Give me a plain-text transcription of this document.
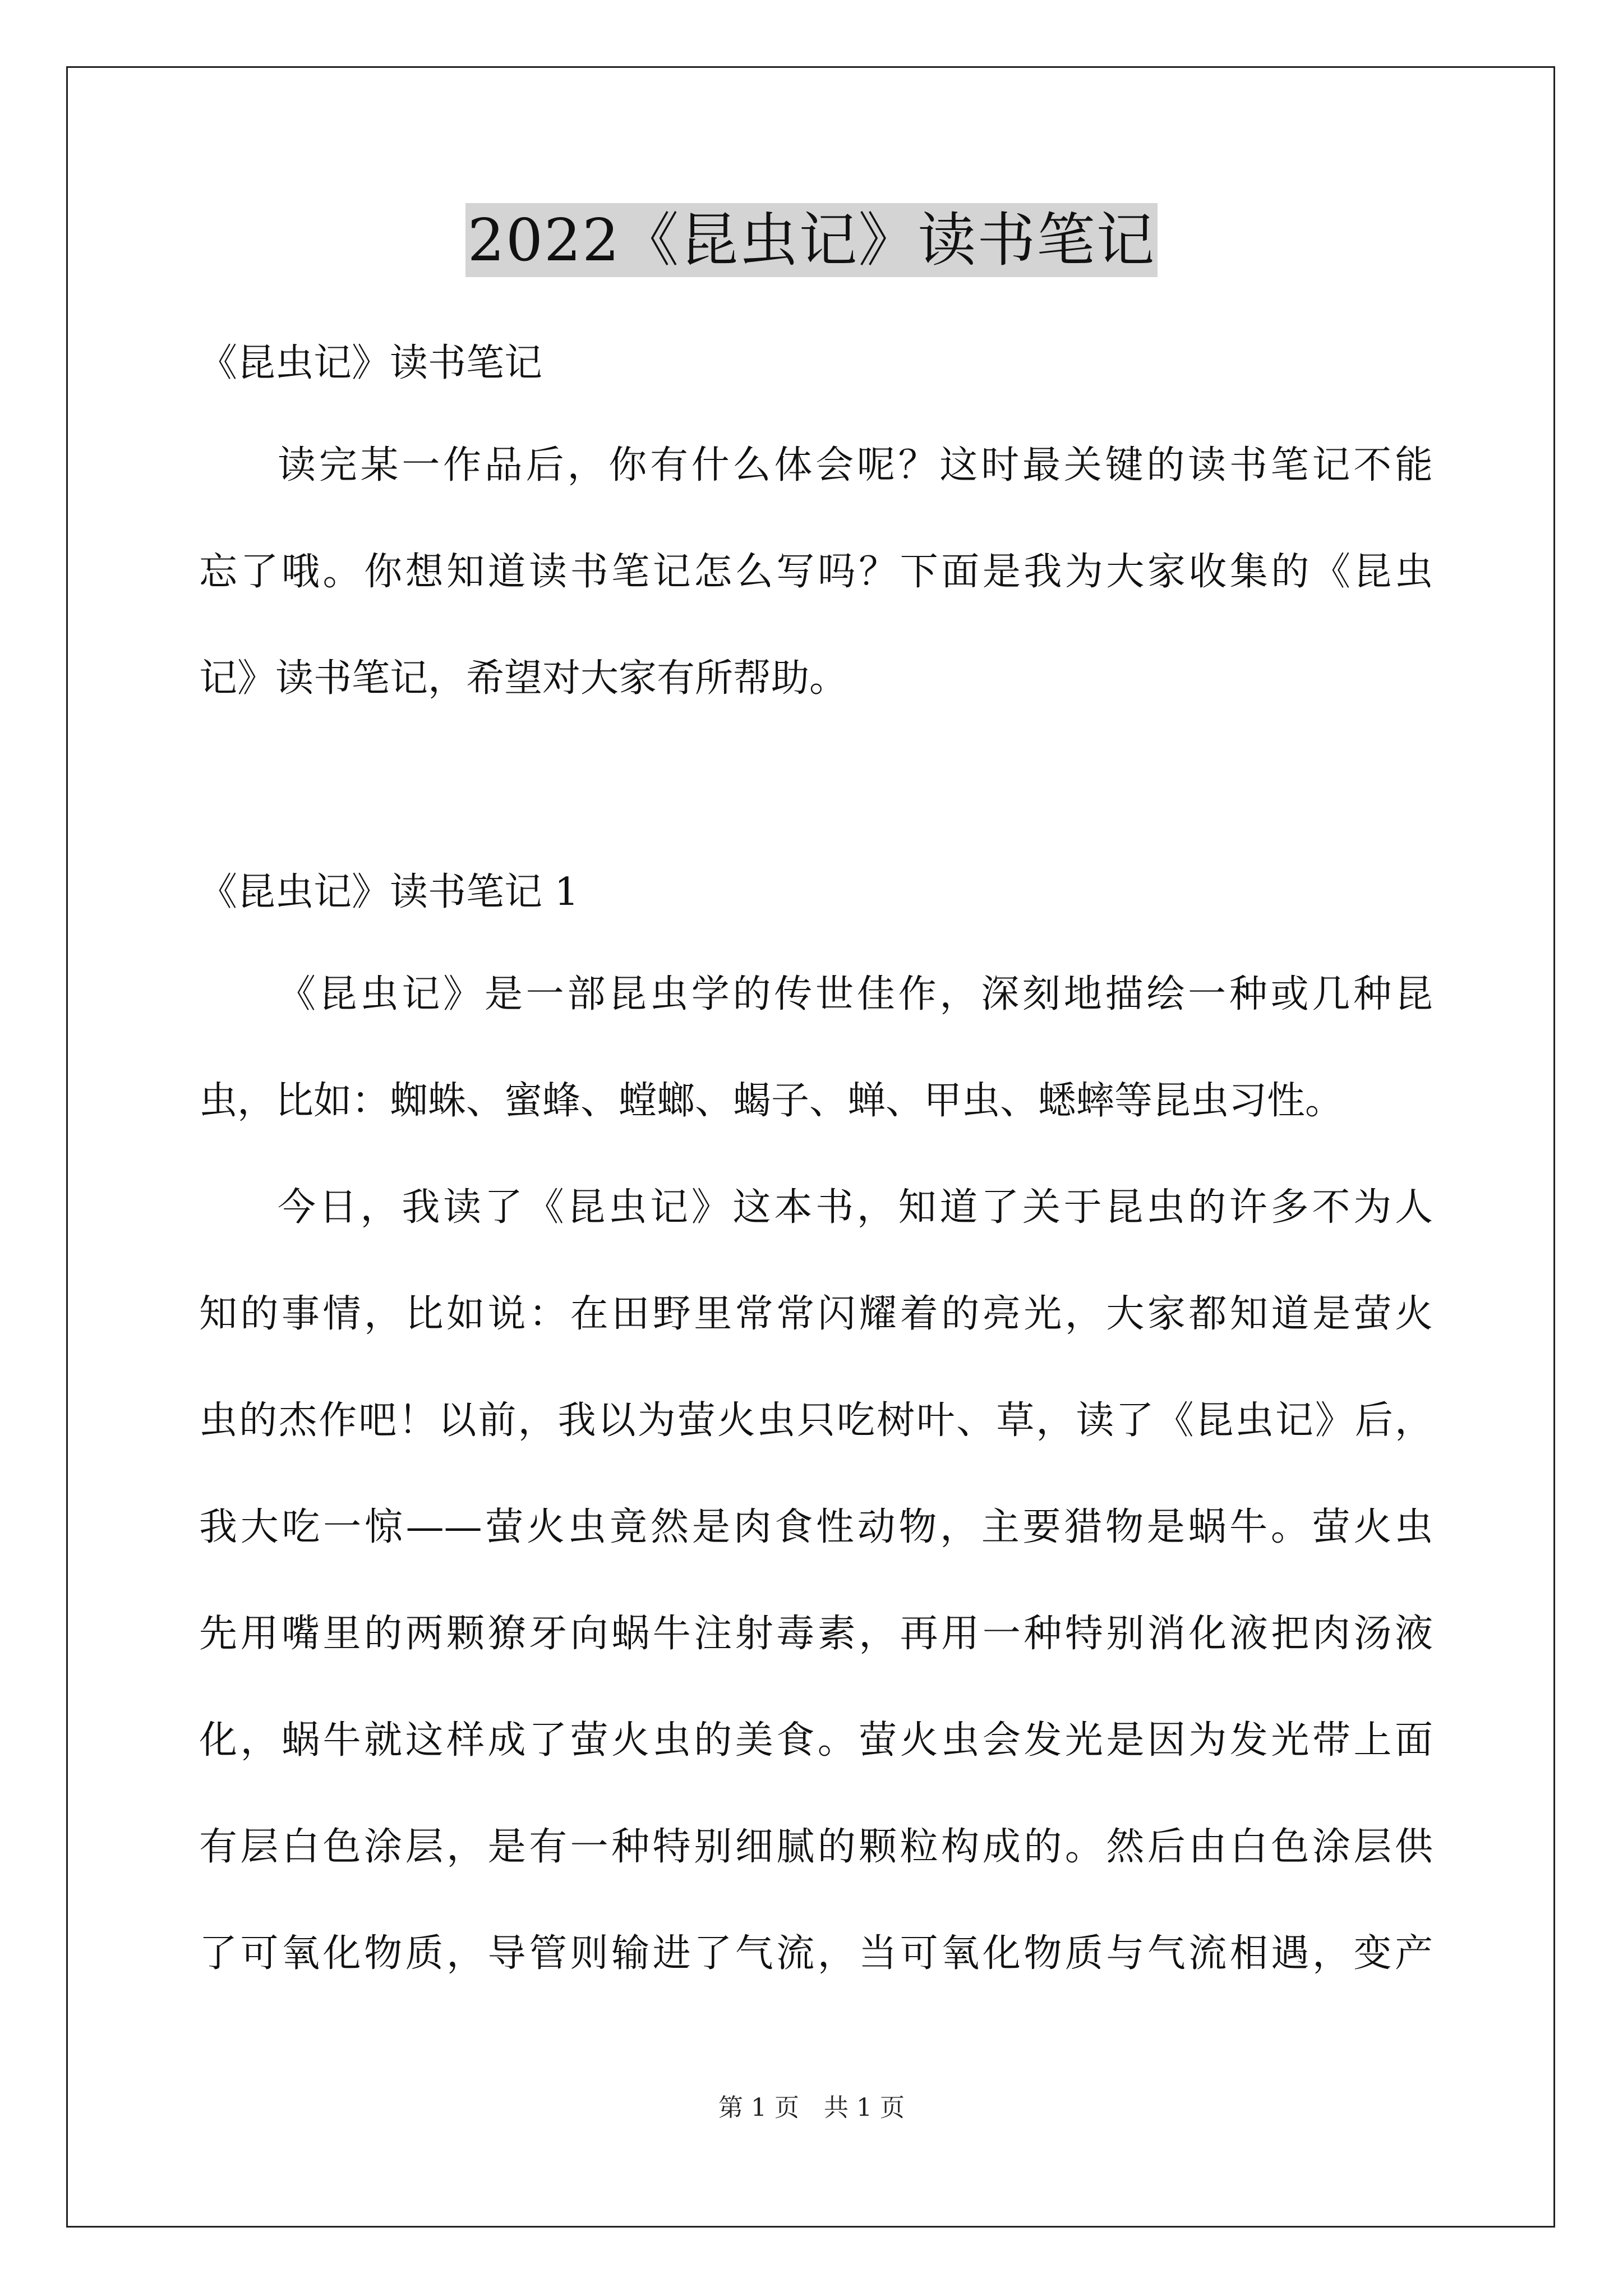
2022《昆虫记》读书笔记

《昆虫记》读书笔记

读完某一作品后，你有什么体会呢？这时最关键的读书笔记不能
忘了哦。你想知道读书笔记怎么写吗？下面是我为大家收集的《昆虫
记》读书笔记，希望对大家有所帮助。

《昆虫记》读书笔记 1

《昆虫记》是一部昆虫学的传世佳作，深刻地描绘一种或几种昆
虫，比如：蜘蛛、蜜蜂、螳螂、蝎子、蝉、甲虫、蟋蟀等昆虫习性。
今日，我读了《昆虫记》这本书，知道了关于昆虫的许多不为人
知的事情，比如说：在田野里常常闪耀着的亮光，大家都知道是萤火
虫的杰作吧！以前，我以为萤火虫只吃树叶、草，读了《昆虫记》后，
我大吃一惊——萤火虫竟然是肉食性动物，主要猎物是蜗牛。萤火虫
先用嘴里的两颗獠牙向蜗牛注射毒素，再用一种特别消化液把肉汤液
化，蜗牛就这样成了萤火虫的美食。萤火虫会发光是因为发光带上面
有层白色涂层，是有一种特别细腻的颗粒构成的。然后由白色涂层供
了可氧化物质，导管则输进了气流，当可氧化物质与气流相遇，变产
第 1 页　共 1 页
